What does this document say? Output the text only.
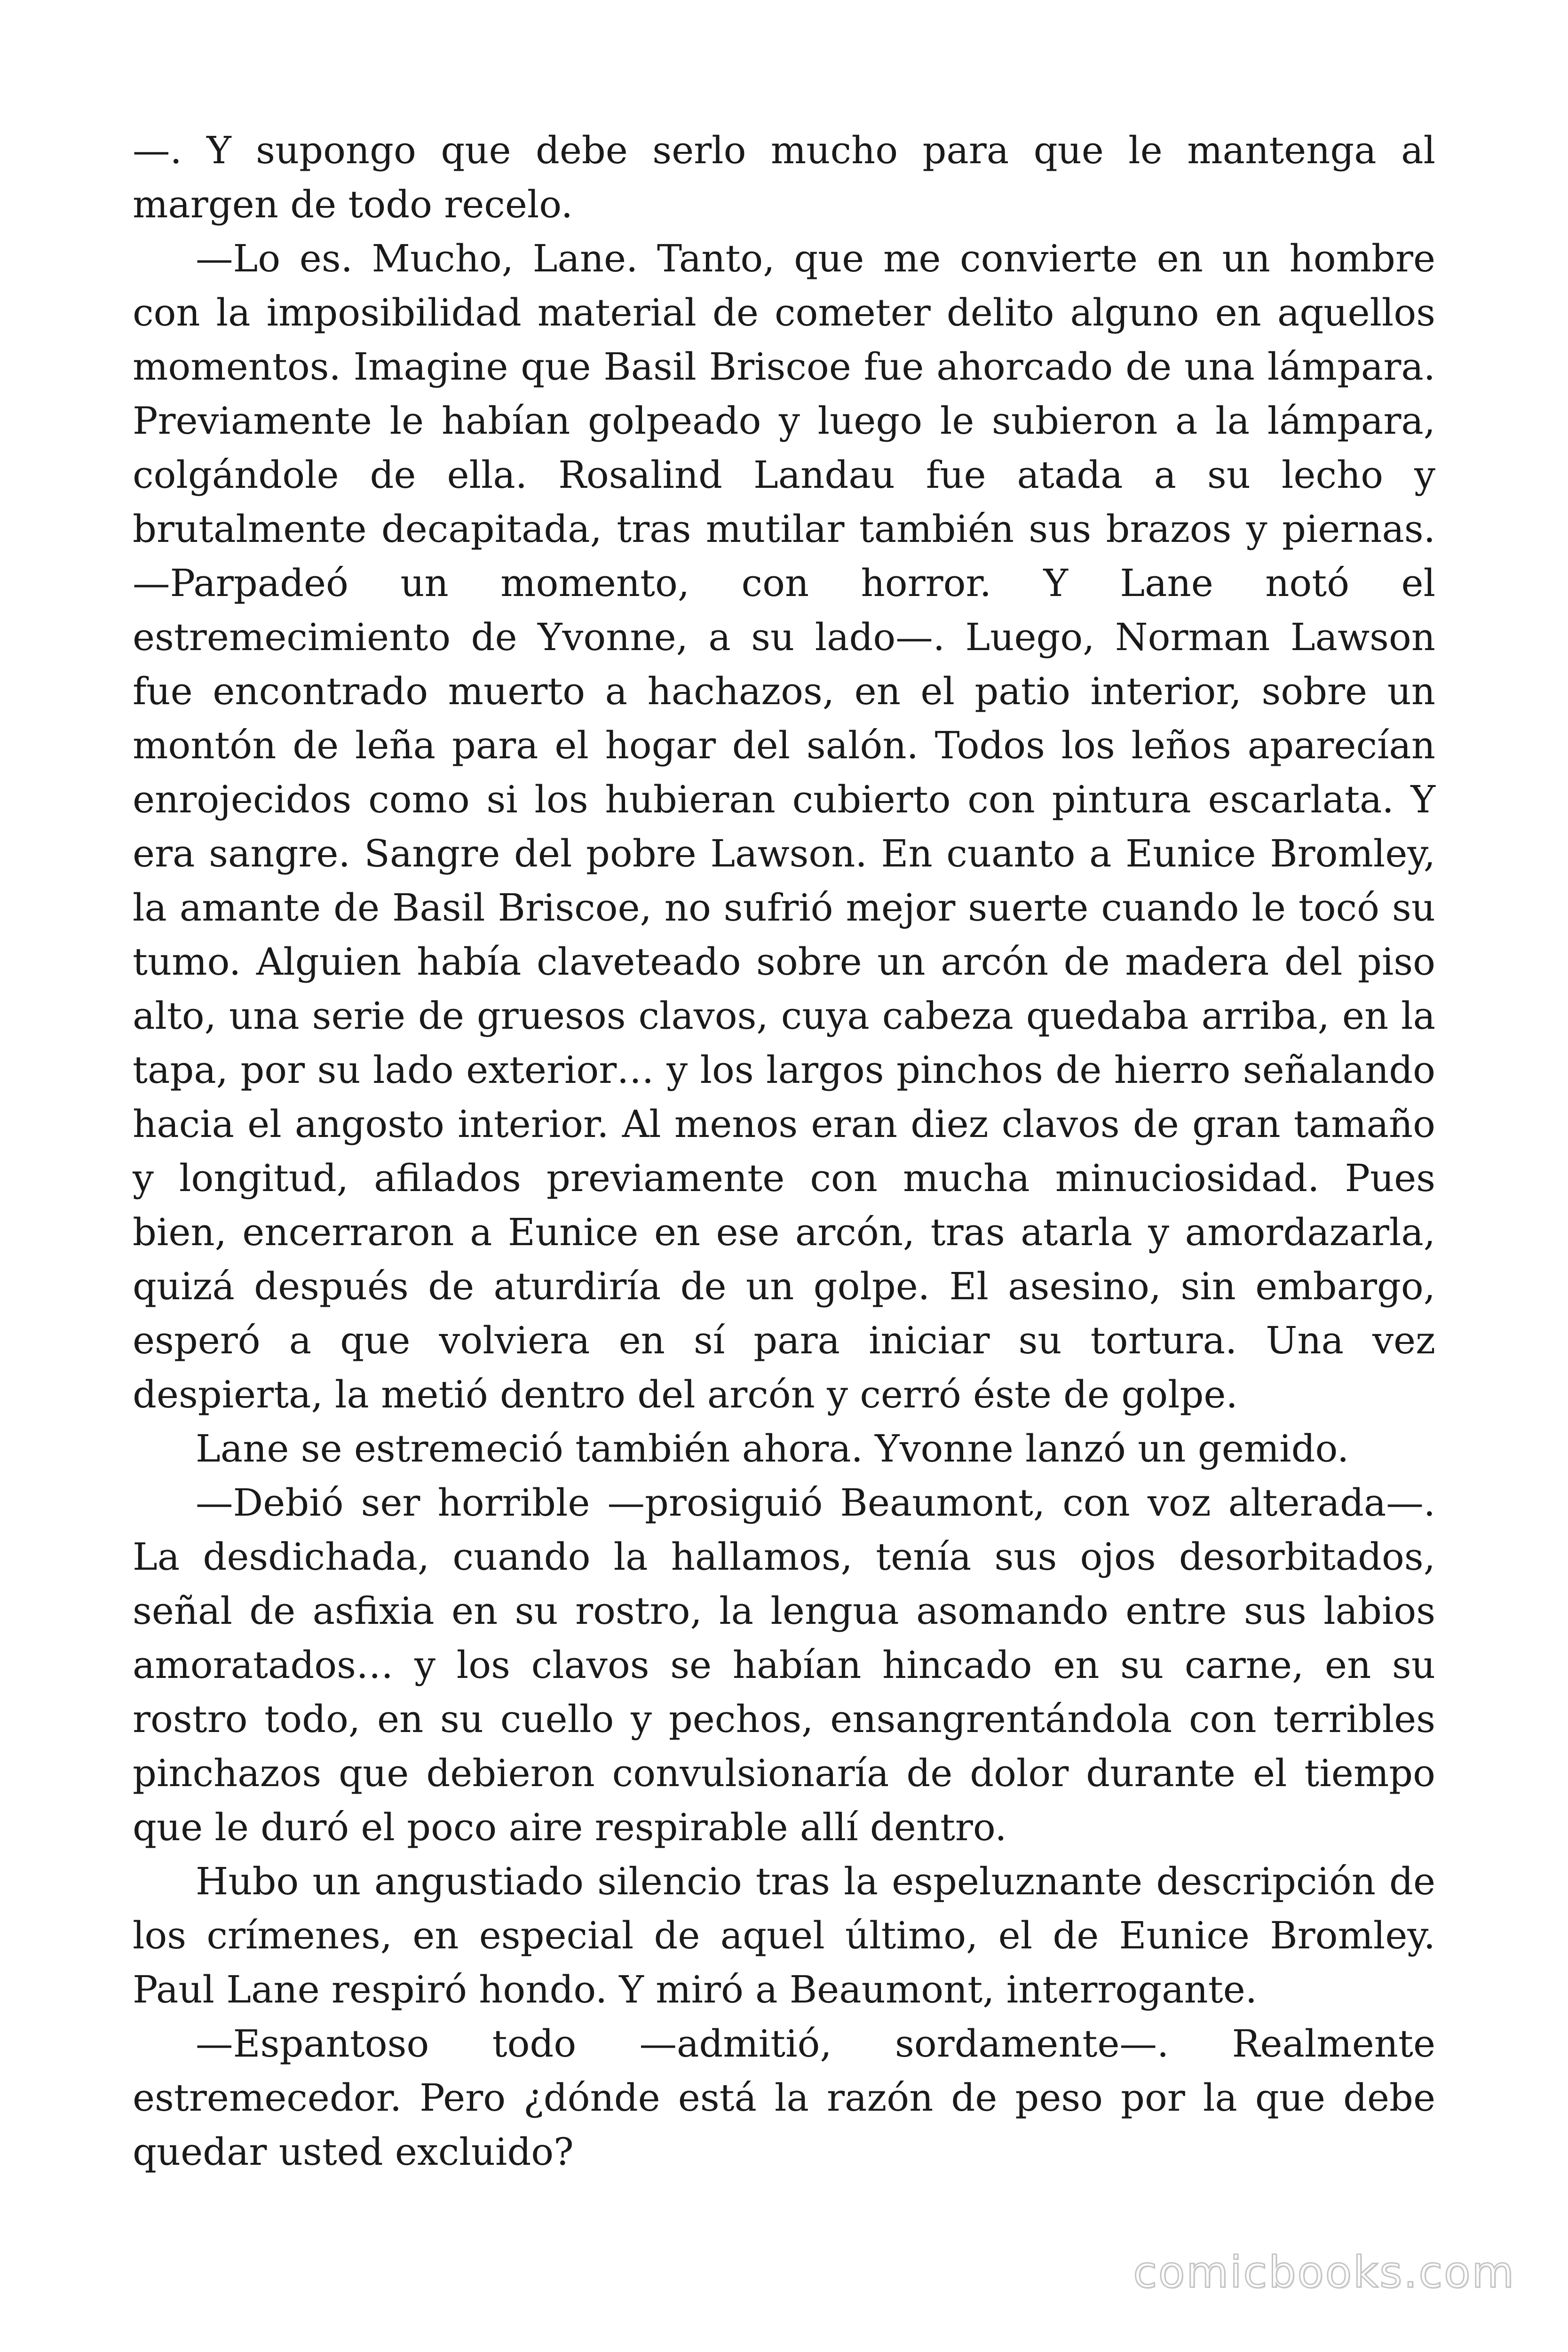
—. Y supongo que debe serlo mucho para que le mantenga al margen de todo recelo.

—Lo es. Mucho, Lane. Tanto, que me convierte en un hombre con la imposibilidad material de cometer delito alguno en aquellos momentos. Imagine que Basil Briscoe fue ahorcado de una lámpara. Previamente le habían golpeado y luego le subieron a la lámpara, colgándole de ella. Rosalind Landau fue atada a su lecho y brutalmente decapitada, tras mutilar también sus brazos y piernas. —Parpadeó un momento, con horror. Y Lane notó el estremecimiento de Yvonne, a su lado—. Luego, Norman Lawson fue encontrado muerto a hachazos, en el patio interior, sobre un montón de leña para el hogar del salón. Todos los leños aparecían enrojecidos como si los hubieran cubierto con pintura escarlata. Y era sangre. Sangre del pobre Lawson. En cuanto a Eunice Bromley, la amante de Basil Briscoe, no sufrió mejor suerte cuando le tocó su tumo. Alguien había claveteado sobre un arcón de madera del piso alto, una serie de gruesos clavos, cuya cabeza quedaba arriba, en la tapa, por su lado exterior… y los largos pinchos de hierro señalando hacia el angosto interior. Al menos eran diez clavos de gran tamaño y longitud, afilados previamente con mucha minuciosidad. Pues bien, encerraron a Eunice en ese arcón, tras atarla y amordazarla, quizá después de aturdiría de un golpe. El asesino, sin embargo, esperó a que volviera en sí para iniciar su tortura. Una vez despierta, la metió dentro del arcón y cerró éste de golpe.

Lane se estremeció también ahora. Yvonne lanzó un gemido.

—Debió ser horrible —prosiguió Beaumont, con voz alterada—. La desdichada, cuando la hallamos, tenía sus ojos desorbitados, señal de asfixia en su rostro, la lengua asomando entre sus labios amoratados… y los clavos se habían hincado en su carne, en su rostro todo, en su cuello y pechos, ensangrentándola con terribles pinchazos que debieron convulsionaría de dolor durante el tiempo que le duró el poco aire respirable allí dentro.

Hubo un angustiado silencio tras la espeluznante descripción de los crímenes, en especial de aquel último, el de Eunice Bromley. Paul Lane respiró hondo. Y miró a Beaumont, interrogante.

—Espantoso todo —admitió, sordamente—. Realmente estremecedor. Pero ¿dónde está la razón de peso por la que debe quedar usted excluido?

comicbooks.com
